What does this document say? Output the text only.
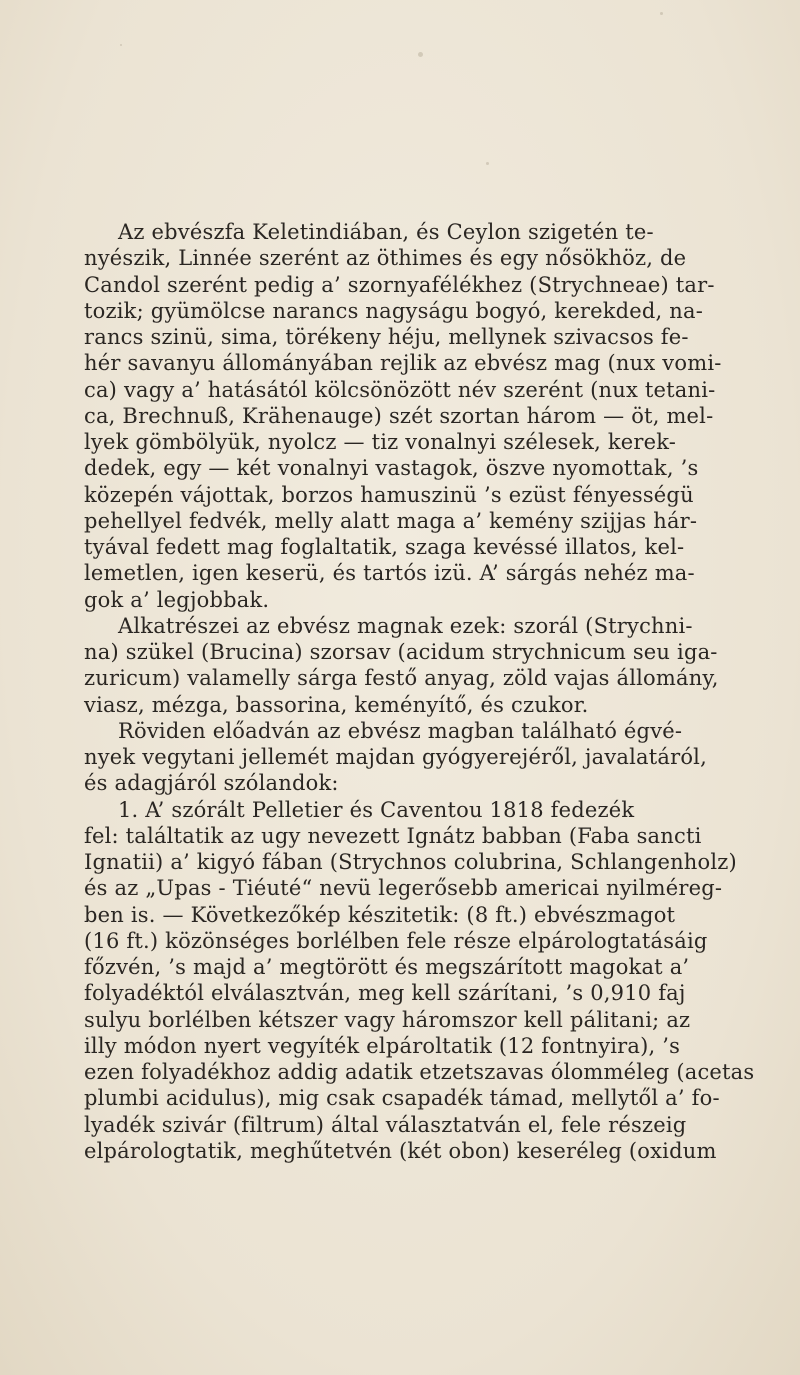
Az ebvészfa Keletindiában, és Ceylon szigetén te-
nyészik, Linnée szerént az öthimes és egy nősökhöz, de
Candol szerént pedig a’ szornyafélékhez (Strychneae) tar-
tozik; gyümölcse narancs nagyságu bogyó, kerekded, na-
rancs szinü, sima, törékeny héju, mellynek szivacsos fe-
hér savanyu állományában rejlik az ebvész mag (nux vomi-
ca) vagy a’ hatásától kölcsönözött név szerént (nux tetani-
ca, Brechnuß, Krähenauge) szét szortan három — öt, mel-
lyek gömbölyük, nyolcz — tiz vonalnyi szélesek, kerek-
dedek, egy — két vonalnyi vastagok, öszve nyomottak, ’s
közepén vájottak, borzos hamuszinü ’s ezüst fényességü
pehellyel fedvék, melly alatt maga a’ kemény szijjas hár-
tyával fedett mag foglaltatik, szaga kevéssé illatos, kel-
lemetlen, igen keserü, és tartós izü. A’ sárgás nehéz ma-
gok a’ legjobbak.
Alkatrészei az ebvész magnak ezek: szorál (Strychni-
na) szükel (Brucina) szorsav (acidum strychnicum seu iga-
zuricum) valamelly sárga festő anyag, zöld vajas állomány,
viasz, mézga, bassorina, keményítő, és czukor.
Röviden előadván az ebvész magban található égvé-
nyek vegytani jellemét majdan gyógyerejéről, javalatáról,
és adagjáról szólandok:
1. A’ szórált Pelletier és Caventou 1818 fedezék
fel: találtatik az ugy nevezett Ignátz babban (Faba sancti
Ignatii) a’ kigyó fában (Strychnos colubrina, Schlangenholz)
és az „Upas - Tiéuté“ nevü legerősebb americai nyilméreg-
ben is. — Következőkép készitetik: (8 ft.) ebvészmagot
(16 ft.) közönséges borlélben fele része elpárologtatásáig
főzvén, ’s majd a’ megtörött és megszárított magokat a’
folyadéktól elválasztván, meg kell szárítani, ’s 0,910 faj
sulyu borlélben kétszer vagy háromszor kell pálitani; az
illy módon nyert vegyíték elpároltatik (12 fontnyira), ’s
ezen folyadékhoz addig adatik etzetszavas ólomméleg (acetas
plumbi acidulus), mig csak csapadék támad, mellytől a’ fo-
lyadék szivár (filtrum) által választatván el, fele részeig
elpárologtatik, meghűtetvén (két obon) keseréleg (oxidum
